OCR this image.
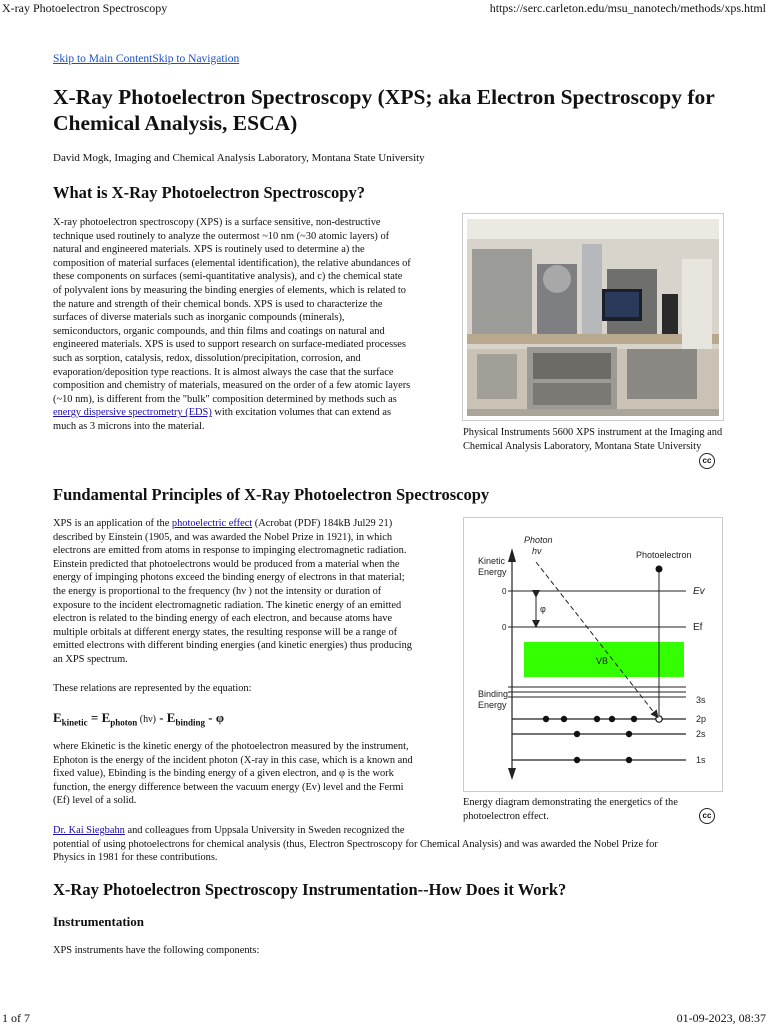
X-ray Photoelectron Spectroscopy	https://serc.carleton.edu/msu_nanotech/methods/xps.html
1 of 7	01-09-2023, 08:37
Skip to Main ContentSkip to Navigation
X-Ray Photoelectron Spectroscopy (XPS; aka Electron Spectroscopy for Chemical Analysis, ESCA)
David Mogk, Imaging and Chemical Analysis Laboratory, Montana State University
What is X-Ray Photoelectron Spectroscopy?
X-ray photoelectron spectroscopy (XPS) is a surface sensitive, non-destructive
technique used routinely to analyze the outermost ~10 nm (~30 atomic layers) of
natural and engineered materials. XPS is routinely used to determine a) the
composition of material surfaces (elemental identification), the relative abundances of
these components on surfaces (semi-quantitative analysis), and c) the chemical state
of polyvalent ions by measuring the binding energies of elements, which is related to
the nature and strength of their chemical bonds. XPS is used to characterize the
surfaces of diverse materials such as inorganic compounds (minerals),
semiconductors, organic compounds, and thin films and coatings on natural and
engineered materials. XPS is used to support research on surface-mediated processes
such as sorption, catalysis, redox, dissolution/precipitation, corrosion, and
evaporation/deposition type reactions. It is almost always the case that the surface
composition and chemistry of materials, measured on the order of a few atomic layers
(~10 nm), is different from the "bulk" composition determined by methods such as
energy dispersive spectrometry (EDS) with excitation volumes that can extend as
much as 3 microns into the material.
Physical Instruments 5600 XPS instrument at the Imaging and Chemical Analysis Laboratory, Montana State University
cc
Fundamental Principles of X-Ray Photoelectron Spectroscopy
XPS is an application of the photoelectric effect (Acrobat (PDF) 184kB Jul29 21)
described by Einstein (1905, and was awarded the Nobel Prize in 1921), in which
electrons are emitted from atoms in response to impinging electromagnetic radiation.
Einstein predicted that photoelectrons would be produced from a material when the
energy of impinging photons exceed the binding energy of electrons in that material;
the energy is proportional to the frequency (hν ) not the intensity or duration of
exposure to the incident electromagnetic radiation. The kinetic energy of an emitted
electron is related to the binding energy of each electron, and because atoms have
multiple orbitals at different energy states, the resulting response will be a range of
emitted electrons with different binding energies (and kinetic energies) thus producing
an XPS spectrum.
These relations are represented by the equation:
$E_{kinetic} = E_{photon}$ $(h\nu) - E_{binding}$ - φ
where Ekinetic is the kinetic energy of the photoelectron measured by the instrument,
Ephoton is the energy of the incident photon (X-ray in this case, which is a known and
fixed value), Ebinding is the binding energy of a given electron, and φ is the work
function, the energy difference between the vacuum energy (Ev) level and the Fermi
(Ef) level of a solid.
Dr. Kai Siegbahn and colleagues from Uppsala University in Sweden recognized the
potential of using photoelectrons for chemical analysis (thus, Electron Spectroscopy for Chemical Analysis) and was awarded the Nobel Prize for
Physics in 1981 for these contributions.
Kinetic
Energy
Binding
Energy
0	Ev
0	Ef
φ
VB
3s
2p
2s
1s
Photon
hν	Photoelectron
Energy diagram demonstrating the energetics of the photoelectron effect.	cc
X-Ray Photoelectron Spectroscopy Instrumentation--How Does it Work?
Instrumentation
XPS instruments have the following components:
